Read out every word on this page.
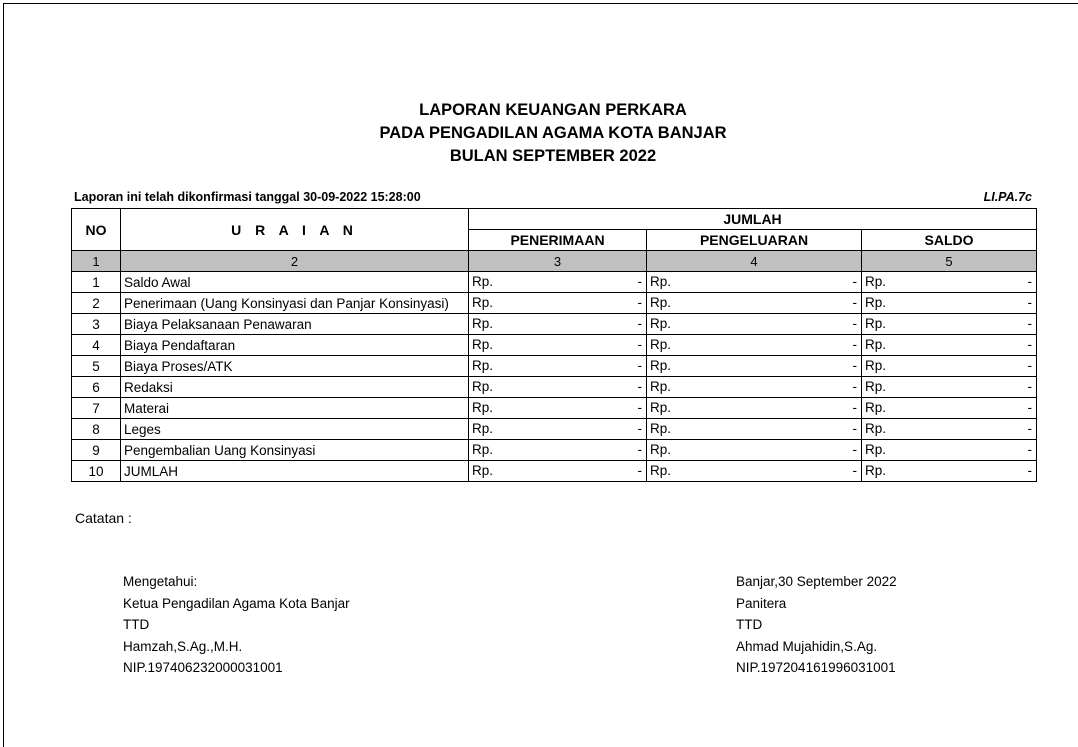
LAPORAN KEUANGAN PERKARA
PADA PENGADILAN AGAMA KOTA BANJAR
BULAN SEPTEMBER 2022
Laporan ini telah dikonfirmasi tanggal 30-09-2022 15:28:00	LI.PA.7c
NO	U R A I A N	JUMLAH		
		PENERIMAAN	PENGELUARAN	SALDO
1	2	3	4	5
1	Saldo Awal	Rp. -	Rp. -	Rp. -

2	Penerimaan (Uang Konsinyasi dan Panjar Konsinyasi)	Rp. -	Rp. -	Rp. -

3	Biaya Pelaksanaan Penawaran	Rp. -	Rp. -	Rp. -

4	Biaya Pendaftaran	Rp. -	Rp. -	Rp. -

5	Biaya Proses/ATK	Rp. -	Rp. -	Rp. -

6	Redaksi	Rp. -	Rp. -	Rp. -

7	Materai	Rp. -	Rp. -	Rp. -

8	Leges	Rp. -	Rp. -	Rp. -

9	Pengembalian Uang Konsinyasi	Rp. -	Rp. -	Rp. -

10	JUMLAH	Rp. -	Rp. -	Rp. -
Catatan :
Mengetahui:
Ketua Pengadilan Agama Kota Banjar
TTD
Hamzah,S.Ag.,M.H.
NIP.197406232000031001
Banjar,30 September 2022
Panitera
TTD
Ahmad Mujahidin,S.Ag.
NIP.197204161996031001
